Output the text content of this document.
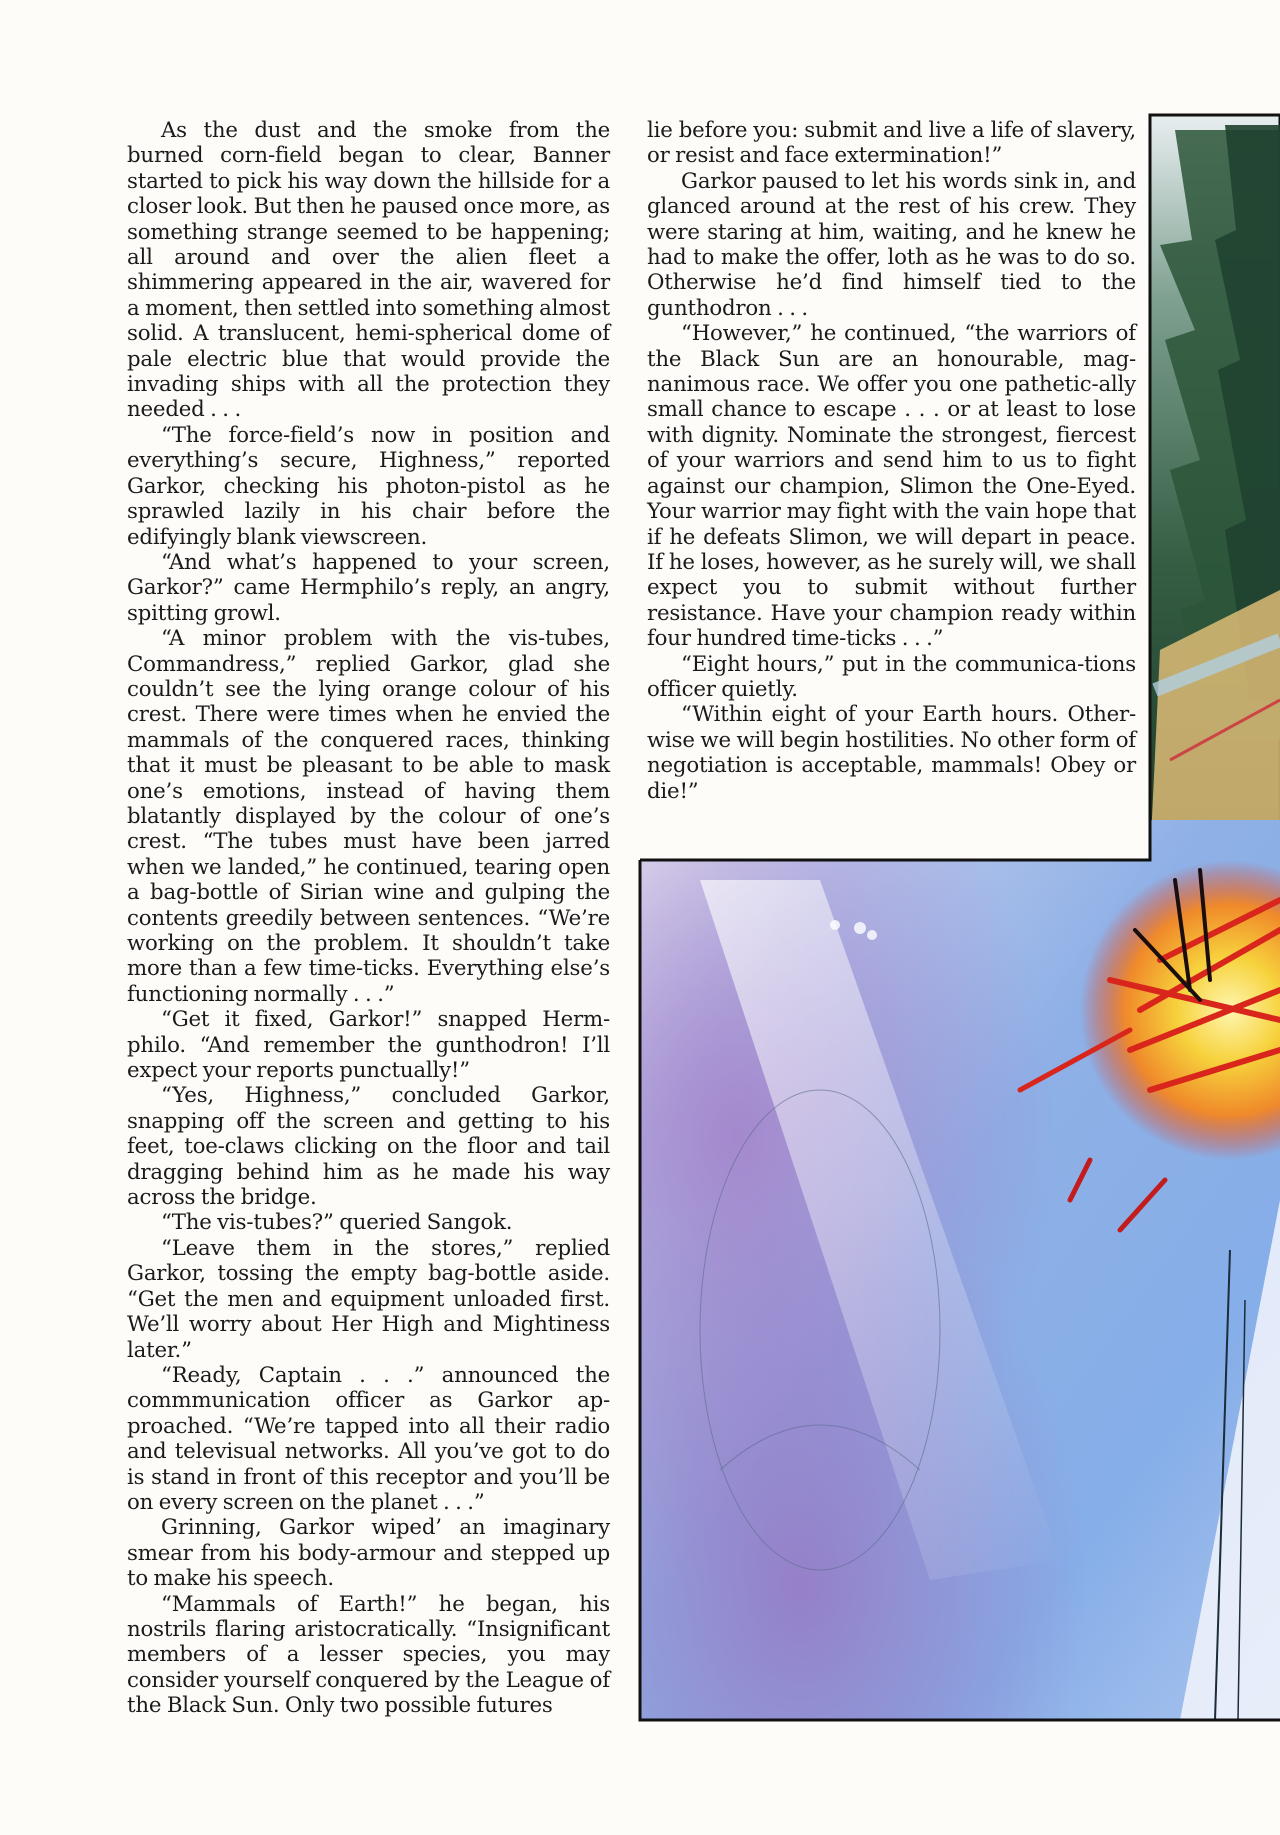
As the dust and the smoke from the burned corn-field began to clear, Banner started to pick his way down the hillside for a closer look. But then he paused once more, as something strange seemed to be happening; all around and over the alien fleet a shimmering appeared in the air, wavered for a moment, then settled into something almost solid. A translucent, hemi-spherical dome of pale electric blue that would provide the invading ships with all the protection they needed . . .

“The force-field’s now in position and everything’s secure, Highness,” reported Garkor, checking his photon-pistol as he sprawled lazily in his chair before the edifyingly blank viewscreen.

“And what’s happened to your screen, Garkor?” came Hermphilo’s reply, an angry, spitting growl.

“A minor problem with the vis-tubes, Commandress,” replied Garkor, glad she couldn’t see the lying orange colour of his crest. There were times when he envied the mammals of the conquered races, thinking that it must be pleasant to be able to mask one’s emotions, instead of having them blatantly displayed by the colour of one’s crest. “The tubes must have been jarred when we landed,” he continued, tearing open a bag-bottle of Sirian wine and gulping the contents greedily between sentences. “We’re working on the problem. It shouldn’t take more than a few time-ticks. Everything else’s functioning normally . . .”

“Get it fixed, Garkor!” snapped Herm-philo. “And remember the gunthodron! I’ll expect your reports punctually!”

“Yes, Highness,” concluded Garkor, snapping off the screen and getting to his feet, toe-claws clicking on the floor and tail dragging behind him as he made his way across the bridge.

“The vis-tubes?” queried Sangok.

“Leave them in the stores,” replied Garkor, tossing the empty bag-bottle aside. “Get the men and equipment unloaded first. We’ll worry about Her High and Mightiness later.”

“Ready, Captain . . .” announced the commmunication officer as Garkor ap-proached. “We’re tapped into all their radio and televisual networks. All you’ve got to do is stand in front of this receptor and you’ll be on every screen on the planet . . .”

Grinning, Garkor wiped’ an imaginary smear from his body-armour and stepped up to make his speech.

“Mammals of Earth!” he began, his nostrils flaring aristocratically. “Insignificant members of a lesser species, you may consider yourself conquered by the League of the Black Sun. Only two possible futures

lie before you: submit and live a life of slavery, or resist and face extermination!”

Garkor paused to let his words sink in, and glanced around at the rest of his crew. They were staring at him, waiting, and he knew he had to make the offer, loth as he was to do so. Otherwise he’d find himself tied to the gunthodron . . .

“However,” he continued, “the warriors of the Black Sun are an honourable, mag-nanimous race. We offer you one pathetic-ally small chance to escape . . . or at least to lose with dignity. Nominate the strongest, fiercest of your warriors and send him to us to fight against our champion, Slimon the One-Eyed. Your warrior may fight with the vain hope that if he defeats Slimon, we will depart in peace. If he loses, however, as he surely will, we shall expect you to submit without further resistance. Have your champion ready within four hundred time-ticks . . .”

“Eight hours,” put in the communica-tions officer quietly.

“Within eight of your Earth hours. Other-wise we will begin hostilities. No other form of negotiation is acceptable, mammals! Obey or die!”
